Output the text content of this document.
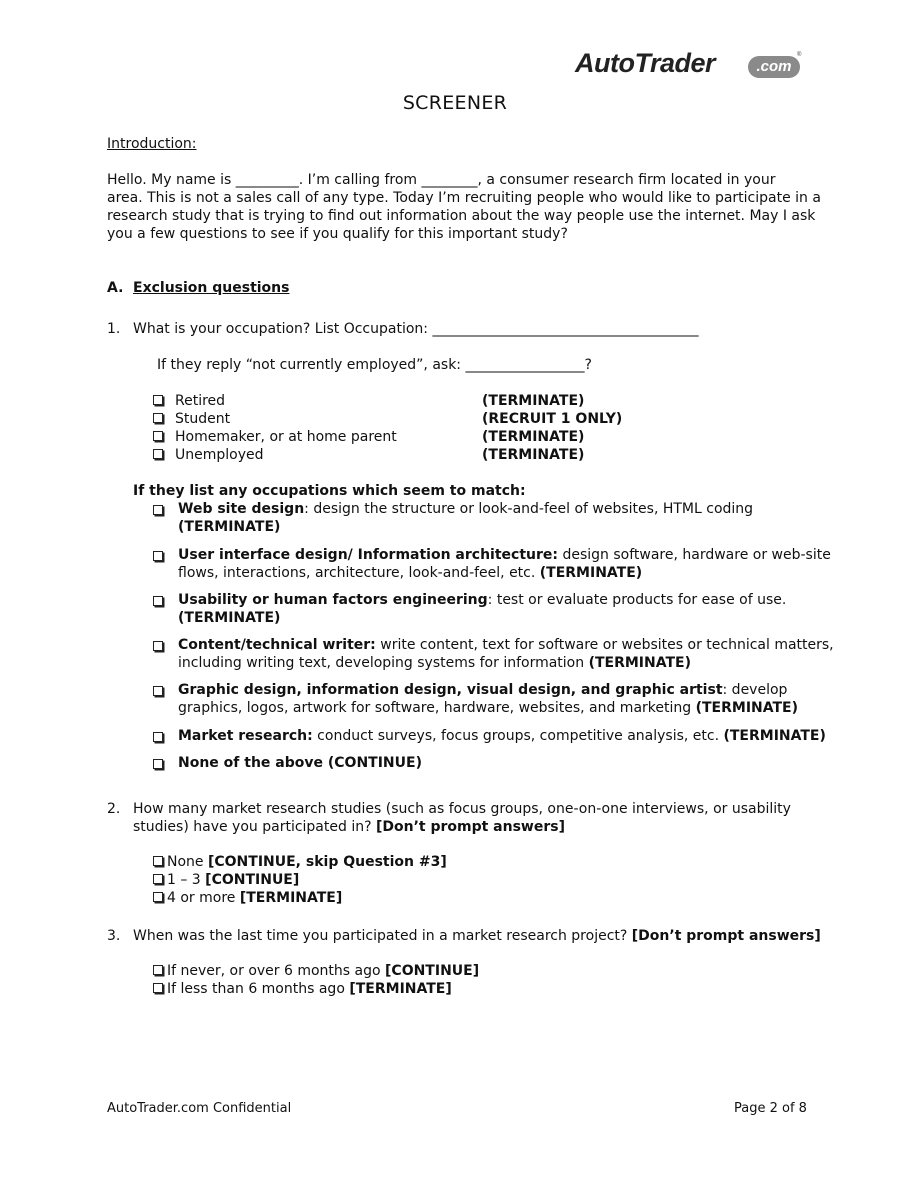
AutoTrader	.com
®
SCREENER
Introduction:
Hello. My name is _________. I’m calling from ________, a consumer research firm located in your
area. This is not a sales call of any type. Today I’m recruiting people who would like to participate in a
research study that is trying to find out information about the way people use the internet. May I ask
you a few questions to see if you qualify for this important study?
A. Exclusion questions
1. What is your occupation? List Occupation: ______________________________________
If they reply “not currently employed”, ask: _________________?
Retired	(TERMINATE)
Student	(RECRUIT 1 ONLY)
Homemaker, or at home parent	(TERMINATE)
Unemployed	(TERMINATE)
If they list any occupations which seem to match:
Web site design: design the structure or look-and-feel of websites, HTML coding
(TERMINATE)
User interface design/ Information architecture: design software, hardware or web-site
flows, interactions, architecture, look-and-feel, etc. (TERMINATE)
Usability or human factors engineering: test or evaluate products for ease of use.
(TERMINATE)
Content/technical writer: write content, text for software or websites or technical matters,
including writing text, developing systems for information (TERMINATE)
Graphic design, information design, visual design, and graphic artist: develop
graphics, logos, artwork for software, hardware, websites, and marketing (TERMINATE)
Market research: conduct surveys, focus groups, competitive analysis, etc. (TERMINATE)
None of the above (CONTINUE)
2. How many market research studies (such as focus groups, one-on-one interviews, or usability
studies) have you participated in? [Don’t prompt answers]
None [CONTINUE, skip Question #3]
1 – 3 [CONTINUE]
4 or more [TERMINATE]
3. When was the last time you participated in a market research project? [Don’t prompt answers]
If never, or over 6 months ago [CONTINUE]
If less than 6 months ago [TERMINATE]
AutoTrader.com Confidential	Page 2 of 8
